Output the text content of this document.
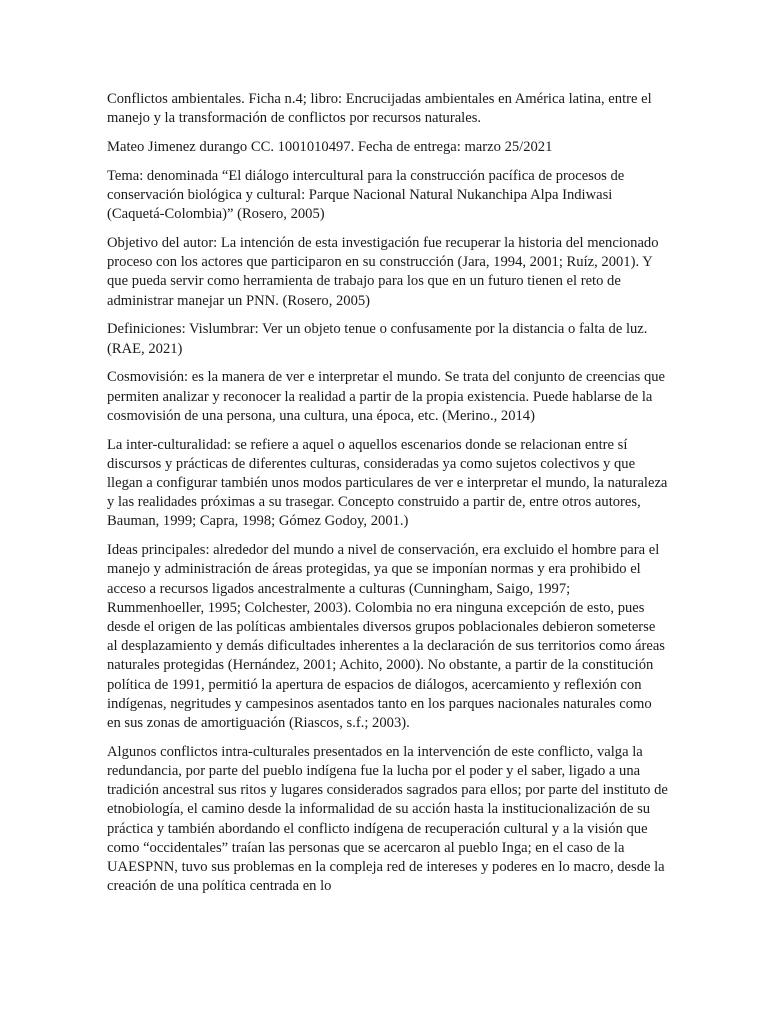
Conflictos ambientales. Ficha n.4; libro: Encrucijadas ambientales en América latina, entre el manejo y la transformación de conflictos por recursos naturales.

Mateo Jimenez durango CC. 1001010497. Fecha de entrega: marzo 25/2021

Tema: denominada “El diálogo intercultural para la construcción pacífica de procesos de conservación biológica y cultural: Parque Nacional Natural Nukanchipa Alpa Indiwasi (Caquetá-Colombia)” (Rosero, 2005)

Objetivo del autor: La intención de esta investigación fue recuperar la historia del mencionado proceso con los actores que participaron en su construcción (Jara, 1994, 2001; Ruíz, 2001). Y que pueda servir como herramienta de trabajo para los que en un futuro tienen el reto de administrar manejar un PNN. (Rosero, 2005)

Definiciones: Vislumbrar: Ver un objeto tenue o confusamente por la distancia o falta de luz. (RAE, 2021)

Cosmovisión: es la manera de ver e interpretar el mundo. Se trata del conjunto de creencias que permiten analizar y reconocer la realidad a partir de la propia existencia. Puede hablarse de la cosmovisión de una persona, una cultura, una época, etc. (Merino., 2014)

La inter-culturalidad: se refiere a aquel o aquellos escenarios donde se relacionan entre sí discursos y prácticas de diferentes culturas, consideradas ya como sujetos colectivos y que llegan a configurar también unos modos particulares de ver e interpretar el mundo, la naturaleza y las realidades próximas a su trasegar. Concepto construido a partir de, entre otros autores, Bauman, 1999; Capra, 1998; Gómez Godoy, 2001.)

Ideas principales: alrededor del mundo a nivel de conservación, era excluido el hombre para el manejo y administración de áreas protegidas, ya que se imponían normas y era prohibido el acceso a recursos ligados ancestralmente a culturas (Cunningham, Saigo, 1997; Rummenhoeller, 1995; Colchester, 2003). Colombia no era ninguna excepción de esto, pues desde el origen de las políticas ambientales diversos grupos poblacionales debieron someterse al desplazamiento y demás dificultades inherentes a la declaración de sus territorios como áreas naturales protegidas (Hernández, 2001; Achito, 2000). No obstante, a partir de la constitución política de 1991, permitió la apertura de espacios de diálogos, acercamiento y reflexión con indígenas, negritudes y campesinos asentados tanto en los parques nacionales naturales como en sus zonas de amortiguación (Riascos, s.f.; 2003).

Algunos conflictos intra-culturales presentados en la intervención de este conflicto, valga la redundancia, por parte del pueblo indígena fue la lucha por el poder y el saber, ligado a una tradición ancestral sus ritos y lugares considerados sagrados para ellos; por parte del instituto de etnobiología, el camino desde la informalidad de su acción hasta la institucionalización de su práctica y también abordando el conflicto indígena de recuperación cultural y a la visión que como “occidentales” traían las personas que se acercaron al pueblo Inga; en el caso de la UAESPNN, tuvo sus problemas en la compleja red de intereses y poderes en lo macro, desde la creación de una política centrada en lo
